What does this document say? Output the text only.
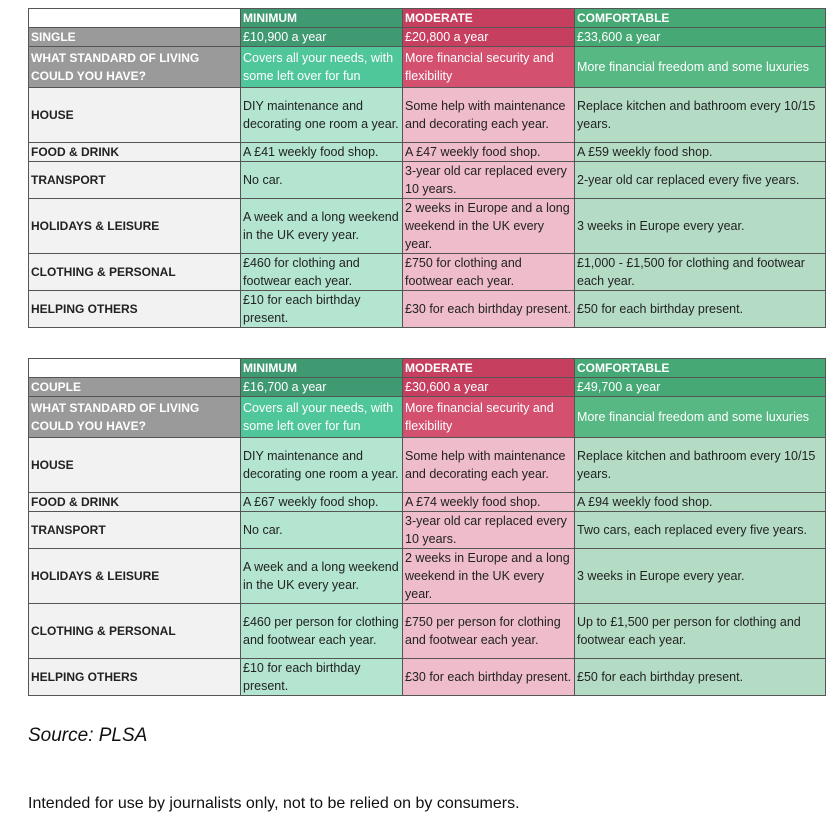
	MINIMUM	MODERATE	COMFORTABLE
SINGLE	£10,900 a year	£20,800 a year	£33,600 a year
WHAT STANDARD OF LIVING COULD YOU HAVE?	Covers all your needs, with some left over for fun	More financial security and flexibility	More financial freedom and some luxuries
HOUSE	DIY maintenance and decorating one room a year.	Some help with maintenance and decorating each year.	Replace kitchen and bathroom every 10/15 years.
FOOD & DRINK	A £41 weekly food shop.	A £47 weekly food shop.	A £59 weekly food shop.
TRANSPORT	No car.	3-year old car replaced every 10 years.	2-year old car replaced every five years.
HOLIDAYS & LEISURE	A week and a long weekend in the UK every year.	2 weeks in Europe and a long weekend in the UK every year.	3 weeks in Europe every year.
CLOTHING & PERSONAL	£460 for clothing and footwear each year.	£750 for clothing and footwear each year.	£1,000 - £1,500 for clothing and footwear each year.
HELPING OTHERS	£10 for each birthday present.	£30 for each birthday present.	£50 for each birthday present.
	MINIMUM	MODERATE	COMFORTABLE
COUPLE	£16,700 a year	£30,600 a year	£49,700 a year
WHAT STANDARD OF LIVING COULD YOU HAVE?	Covers all your needs, with some left over for fun	More financial security and flexibility	More financial freedom and some luxuries
HOUSE	DIY maintenance and decorating one room a year.	Some help with maintenance and decorating each year.	Replace kitchen and bathroom every 10/15 years.
FOOD & DRINK	A £67 weekly food shop.	A £74 weekly food shop.	A £94 weekly food shop.
TRANSPORT	No car.	3-year old car replaced every 10 years.	Two cars, each replaced every five years.
HOLIDAYS & LEISURE	A week and a long weekend in the UK every year.	2 weeks in Europe and a long weekend in the UK every year.	3 weeks in Europe every year.
CLOTHING & PERSONAL	£460 per person for clothing and footwear each year.	£750 per person for clothing and footwear each year.	Up to £1,500 per person for clothing and footwear each year.
HELPING OTHERS	£10 for each birthday present.	£30 for each birthday present.	£50 for each birthday present.
Source: PLSA
Intended for use by journalists only, not to be relied on by consumers.
